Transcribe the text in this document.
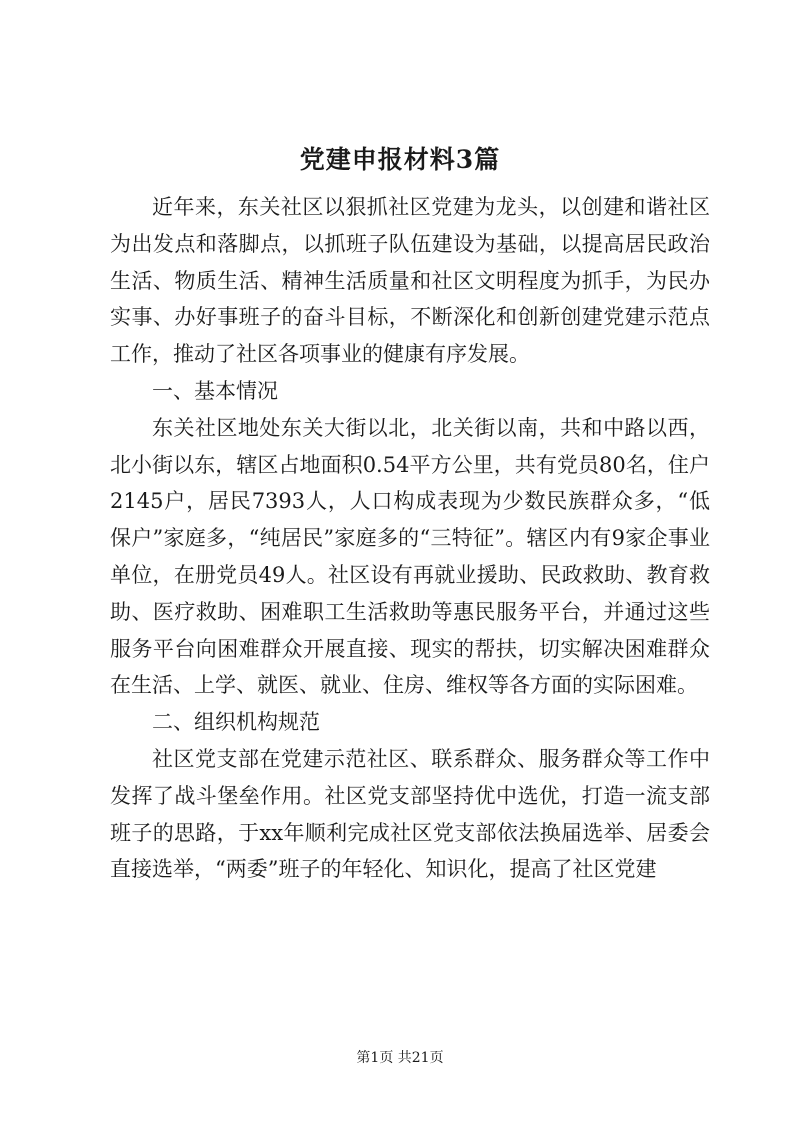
党建申报材料3篇

近年来，东关社区以狠抓社区党建为龙头，以创建和谐社区为出发点和落脚点，以抓班子队伍建设为基础，以提高居民政治生活、物质生活、精神生活质量和社区文明程度为抓手，为民办实事、办好事班子的奋斗目标，不断深化和创新创建党建示范点工作，推动了社区各项事业的健康有序发展。

一、基本情况

东关社区地处东关大街以北，北关街以南，共和中路以西，北小街以东，辖区占地面积0.54平方公里，共有党员80名，住户2145户，居民7393人，人口构成表现为少数民族群众多，“低保户”家庭多，“纯居民”家庭多的“三特征”。辖区内有9家企事业单位，在册党员49人。社区设有再就业援助、民政救助、教育救助、医疗救助、困难职工生活救助等惠民服务平台，并通过这些服务平台向困难群众开展直接、现实的帮扶，切实解决困难群众在生活、上学、就医、就业、住房、维权等各方面的实际困难。

二、组织机构规范

社区党支部在党建示范社区、联系群众、服务群众等工作中发挥了战斗堡垒作用。社区党支部坚持优中选优，打造一流支部班子的思路，于xx年顺利完成社区党支部依法换届选举、居委会直接选举，“两委”班子的年轻化、知识化，提高了社区党建

第1页 共21页
